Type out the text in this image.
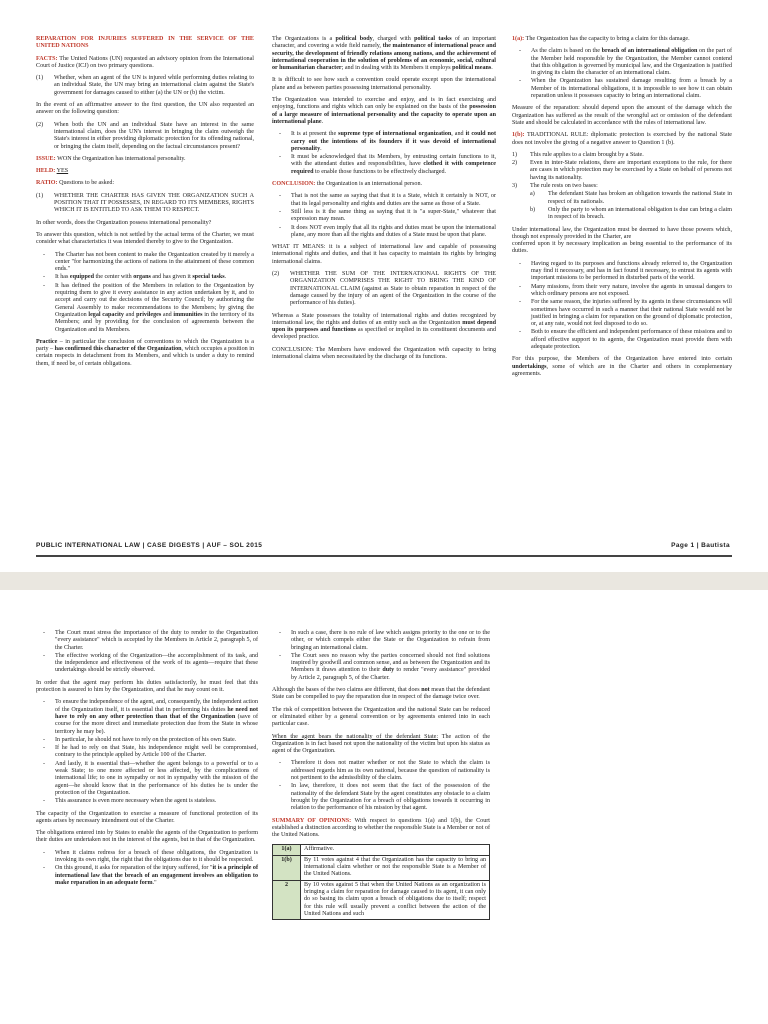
REPARATION FOR INJURIES SUFFERED IN THE SERVICE OF THE UNITED NATIONS

FACTS: The United Nations (UN) requested an advisory opinion from the International Court of Justice (ICJ) on two primary questions.

(1)	Whether, when an agent of the UN is injured while performing duties relating to an individual State, the UN may bring an international claim against the State's government for damages caused to either (a) the UN or (b) the victim.

In the event of an affirmative answer to the first question, the UN also requested an answer on the following question:

(2)	When both the UN and an individual State have an interest in the same international claim, does the UN's interest in bringing the claim outweigh the State's interest in either providing diplomatic protection for its offending national, or bringing the claim itself, depending on the factual circumstances present?

ISSUE: WON the Organization has international personality.

HELD: YES

RATIO: Questions to be asked:

(1)	WHETHER THE CHARTER HAS GIVEN THE ORGANIZATION SUCH A POSITION THAT IT POSSESSES, IN REGARD TO ITS MEMBERS, RIGHTS WHICH IT IS ENTITLED TO ASK THEM TO RESPECT.

In other words, does the Organization possess international personality?

To answer this question, which is not settled by the actual terms of the Charter, we must consider what characteristics it was intended thereby to give to the Organization.

- The Charter has not been content to make the Organization created by it merely a center "for harmonizing the actions of nations in the attainment of these common ends."
- It has equipped the center with organs and has given it special tasks.
- It has defined the position of the Members in relation to the Organization by requiring them to give it every assistance in any action undertaken by it, and to accept and carry out the decisions of the Security Council; by authorizing the General Assembly to make recommendations to the Members; by giving the Organization legal capacity and privileges and immunities in the territory of its Members; and by providing for the conclusion of agreements between the Organization and its Members.

Practice – in particular the conclusion of conventions to which the Organization is a party – has confirmed this character of the Organization, which occupies a position in certain respects in detachment from its Members, and which is under a duty to remind them, if need be, of certain obligations.

The Organizations is a political body, charged with political tasks of an important character, and covering a wide field namely, the maintenance of international peace and security, the development of friendly relations among nations, and the achievement of international cooperation in the solution of problems of an economic, social, cultural or humanitarian character; and in dealing with its Members it employs political means.

It is difficult to see how such a convention could operate except upon the international plane and as between parties possessing international personality.

The Organization was intended to exercise and enjoy, and is in fact exercising and enjoying, functions and rights which can only be explained on the basis of the possession of a large measure of international personality and the capacity to operate upon an international plane.

- It is at present the supreme type of international organization, and it could not carry out the intentions of its founders if it was devoid of international personality.
- It must be acknowledged that its Members, by entrusting certain functions to it, with the attendant duties and responsibilities, have clothed it with competence required to enable those functions to be effectively discharged.

CONCLUSION: the Organization is an international person.

- That is not the same as saying that that it is a State, which it certainly is NOT, or that its legal personality and rights and duties are the same as those of a State.
- Still less is it the same thing as saying that it is "a super-State," whatever that expression may mean.
- It does NOT even imply that all its rights and duties must be upon the international plane, any more than all the rights and duties of a State must be upon that plane.

WHAT IT MEANS: it is a subject of international law and capable of possessing international rights and duties, and that it has capacity to maintain its rights by bringing international claims.

(2)	WHETHER THE SUM OF THE INTERNATIONAL RIGHTS OF THE ORGANIZATION COMPRISES THE RIGHT TO BRING THE KIND OF INTERNATIONAL CLAIM (against as State to obtain reparation in respect of the damage caused by the injury of an agent of the Organization in the course of the performance of his duties).

Whereas a State possesses the totality of international rights and duties recognized by international law, the rights and duties of an entity such as the Organization must depend upon its purposes and functions as specified or implied in its constituent documents and developed practice.

CONCLUSION: The Members have endowed the Organization with capacity to bring international claims when necessitated by the discharge of its functions.

1(a): The Organization has the capacity to bring a claim for this damage.

- As the claim is based on the breach of an international obligation on the part of the Member held responsible by the Organization, the Member cannot contend that this obligation is governed by municipal law, and the Organization is justified in giving its claim the character of an international claim.
- When the Organization has sustained damage resulting from a breach by a Member of its international obligations, it is impossible to see how it can obtain reparation unless it possesses capacity to bring an international claim.

Measure of the reparation: should depend upon the amount of the damage which the Organization has suffered as the result of the wrongful act or omission of the defendant State and should be calculated in accordance with the rules of international law.

1(b): TRADITIONAL RULE: diplomatic protection is exercised by the national State does not involve the giving of a negative answer to Question 1 (b).

1)	This rule applies to a claim brought by a State.
2)	Even in inter-State relations, there are important exceptions to the rule, for there are cases in which protection may be exercised by a State on behalf of persons not having its nationality.
3)	The rule rests on two bases:
a)	The defendant State has broken an obligation towards the national State in respect of its nationals.
b)	Only the party to whom an international obligation is due can bring a claim in respect of its breach.

Under international law, the Organization must be deemed to have those powers which, though not expressly provided in the Charter, are
conferred upon it by necessary implication as being essential to the performance of its duties.

- Having regard to its purposes and functions already referred to, the Organization may find it necessary, and has in fact found it necessary, to entrust its agents with important missions to be performed in disturbed parts of the world.
- Many missions, from their very nature, involve the agents in unusual dangers to which ordinary persons are not exposed.
- For the same reason, the injuries suffered by its agents in these circumstances will sometimes have occurred in such a manner that their national State would not be justified in bringing a claim for reparation on the ground of diplomatic protection, or, at any rate, would not feel disposed to do so.
- Both to ensure the efficient and independent performance of these missions and to afford effective support to its agents, the Organization must provide them with adequate protection.

For this purpose, the Members of the Organization have entered into certain undertakings, some of which are in the Charter and others in complementary agreements.

PUBLIC INTERNATIONAL LAW | CASE DIGESTS | AUF – SOL 2015	Page 1 | Bautista
- The Court must stress the importance of the duty to render to the Organization "every assistance" which is accepted by the Members in Article 2, paragraph 5, of the Charter.
- The effective working of the Organization—the accomplishment of its task, and the independence and effectiveness of the work of its agents—require that these undertakings should be strictly observed.

In order that the agent may perform his duties satisfactorily, he must feel that this protection is assured to him by the Organization, and that he may count on it.

- To ensure the independence of the agent, and, consequently, the independent action of the Organization itself, it is essential that in performing his duties he need not have to rely on any other protection than that of the Organization (save of course for the more direct and immediate protection due from the State in whose territory he may be).
- In particular, he should not have to rely on the protection of his own State.
- If he had to rely on that State, his independence might well be compromised, contrary to the principle applied by Article 100 of the Charter.
- And lastly, it is essential that—whether the agent belongs to a powerful or to a weak State; to one more affected or less affected, by the complications of international life; to one in sympathy or not in sympathy with the mission of the agent—he should know that in the performance of his duties he is under the protection of the Organization.
- This assurance is even more necessary when the agent is stateless.

The capacity of the Organization to exercise a measure of functional protection of its agents arises by necessary intendment out of the Charter.

The obligations entered into by States to enable the agents of the Organization to perform their duties are undertaken not in the interest of the agents, but in that of the Organization.

- When it claims redress for a breach of these obligations, the Organization is invoking its own right, the right that the obligations due to it should be respected.
- On this ground, it asks for reparation of the injury suffered, for "it is a principle of international law that the breach of an engagement involves an obligation to make reparation in an adequate form."
- In such a case, there is no rule of law which assigns priority to the one or to the other, or which compels either the State or the Organization to refrain from bringing an international claim.
- The Court sees no reason why the parties concerned should not find solutions inspired by goodwill and common sense, and as between the Organization and its Members it draws attention to their duty to render "every assistance" provided by Article 2, paragraph 5, of the Charter.

Although the bases of the two claims are different, that does not mean that the defendant State can be compelled to pay the reparation due in respect of the damage twice over.

The risk of competition between the Organization and the national State can be reduced or eliminated either by a general convention or by agreements entered into in each particular case.

When the agent bears the nationality of the defendant State: The action of the Organization is in fact based not upon the nationality of the victim but upon his status as agent of the Organization.

- Therefore it does not matter whether or not the State to which the claim is addressed regards him as its own national, because the question of nationality is not pertinent to the admissibility of the claim.
- In law, therefore, it does not seem that the fact of the possession of the nationality of the defendant State by the agent constitutes any obstacle to a claim brought by the Organization for a breach of obligations towards it occurring in relation to the performance of his mission by that agent.

SUMMARY OF OPINIONS: With respect to questions 1(a) and 1(b), the Court established a distinction according to whether the responsible State is a Member or not of the United Nations.

1(a)	Affirmative.
1(b)	By 11 votes against 4 that the Organization has the capacity to bring an international claim whether or not the responsible State is a Member of the United Nations.
2	By 10 votes against 5 that when the United Nations as an organization is bringing a claim for reparation for damage caused to its agent, it can only do so basing its claim upon a breach of obligations due to itself; respect for this rule will usually prevent a conflict between the action of the United Nations and such
